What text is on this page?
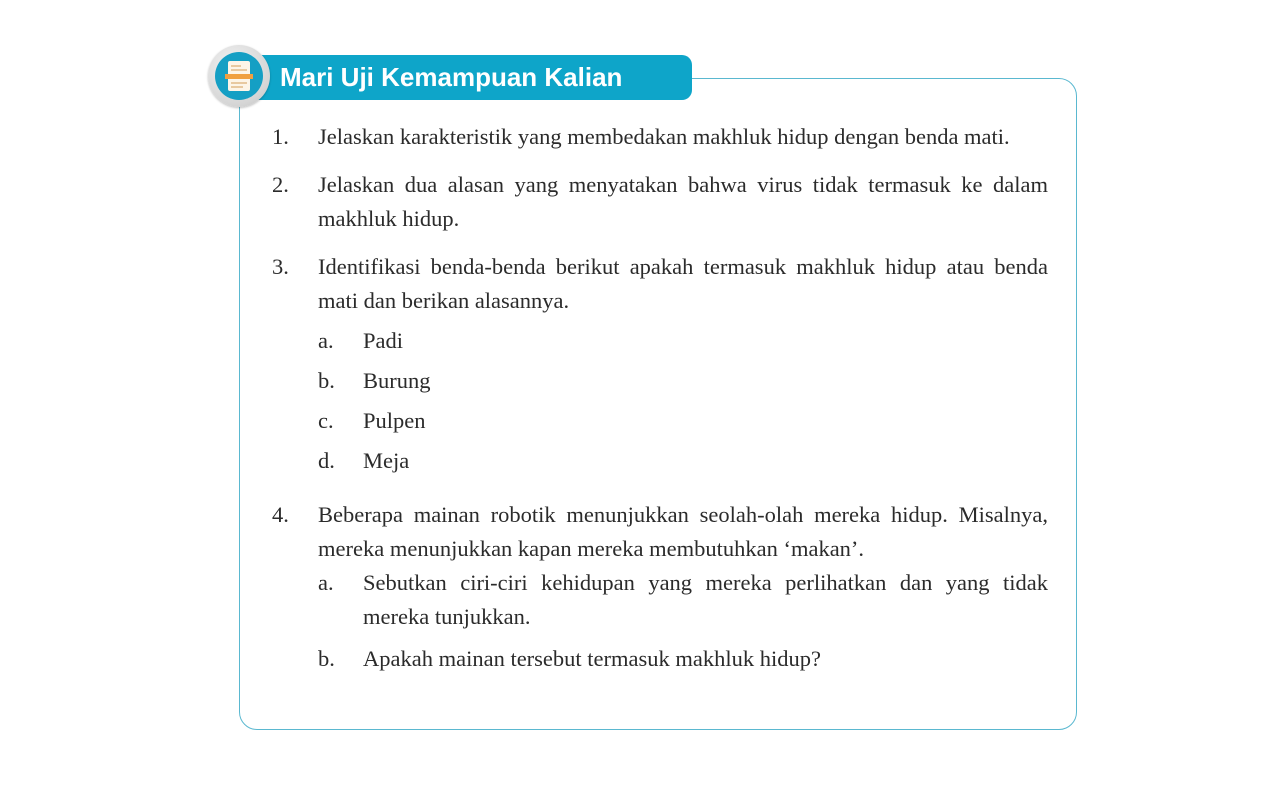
Mari Uji Kemampuan Kalian
1.	Jelaskan karakteristik yang membedakan makhluk hidup dengan benda mati.
2.	Jelaskan dua alasan yang menyatakan bahwa virus tidak termasuk ke dalam makhluk hidup.
3.	Identifikasi benda-benda berikut apakah termasuk makhluk hidup atau benda mati dan berikan alasannya.
a.	Padi
b.	Burung
c.	Pulpen
d.	Meja
4.	Beberapa mainan robotik menunjukkan seolah-olah mereka hidup. Misalnya, mereka menunjukkan kapan mereka membutuhkan ‘makan’.
a.	Sebutkan ciri-ciri kehidupan yang mereka perlihatkan dan yang tidak mereka tunjukkan.
b.	Apakah mainan tersebut termasuk makhluk hidup?
